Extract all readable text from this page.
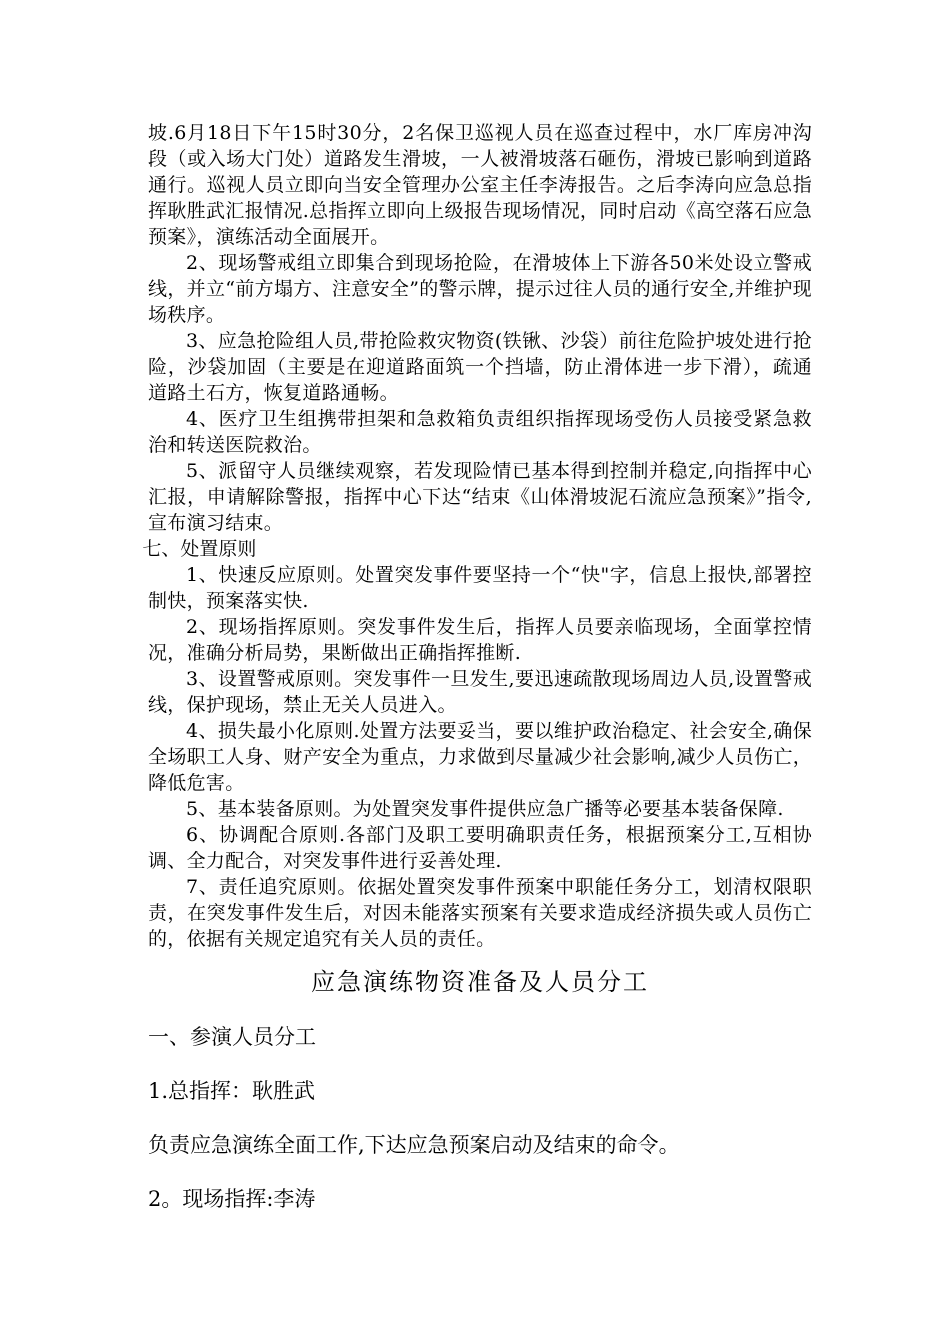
坡.6月18日下午15时30分，2名保卫巡视人员在巡查过程中，水厂库房冲沟段（或入场大门处）道路发生滑坡，一人被滑坡落石砸伤，滑坡已影响到道路通行。巡视人员立即向当安全管理办公室主任李涛报告。之后李涛向应急总指挥耿胜武汇报情况.总指挥立即向上级报告现场情况，同时启动《高空落石应急预案》，演练活动全面展开。

2、现场警戒组立即集合到现场抢险，在滑坡体上下游各50米处设立警戒线，并立“前方塌方、注意安全”的警示牌，提示过往人员的通行安全,并维护现场秩序。

3、应急抢险组人员,带抢险救灾物资(铁锹、沙袋）前往危险护坡处进行抢险，沙袋加固（主要是在迎道路面筑一个挡墙，防止滑体进一步下滑），疏通道路土石方，恢复道路通畅。

4、医疗卫生组携带担架和急救箱负责组织指挥现场受伤人员接受紧急救治和转送医院救治。

5、派留守人员继续观察，若发现险情已基本得到控制并稳定,向指挥中心汇报，申请解除警报，指挥中心下达“结束《山体滑坡泥石流应急预案》”指令,宣布演习结束。

七、处置原则

1、快速反应原则。处置突发事件要坚持一个“快"字，信息上报快,部署控制快，预案落实快.

2、现场指挥原则。突发事件发生后，指挥人员要亲临现场，全面掌控情况，准确分析局势，果断做出正确指挥推断.

3、设置警戒原则。突发事件一旦发生,要迅速疏散现场周边人员,设置警戒线，保护现场，禁止无关人员进入。

4、损失最小化原则.处置方法要妥当，要以维护政治稳定、社会安全,确保全场职工人身、财产安全为重点，力求做到尽量减少社会影响,减少人员伤亡，降低危害。

5、基本装备原则。为处置突发事件提供应急广播等必要基本装备保障.

6、协调配合原则.各部门及职工要明确职责任务，根据预案分工,互相协调、全力配合，对突发事件进行妥善处理.

7、责任追究原则。依据处置突发事件预案中职能任务分工，划清权限职责，在突发事件发生后，对因未能落实预案有关要求造成经济损失或人员伤亡的，依据有关规定追究有关人员的责任。

应急演练物资准备及人员分工

一、参演人员分工

1.总指挥：耿胜武

负责应急演练全面工作,下达应急预案启动及结束的命令。

2。现场指挥:李涛
